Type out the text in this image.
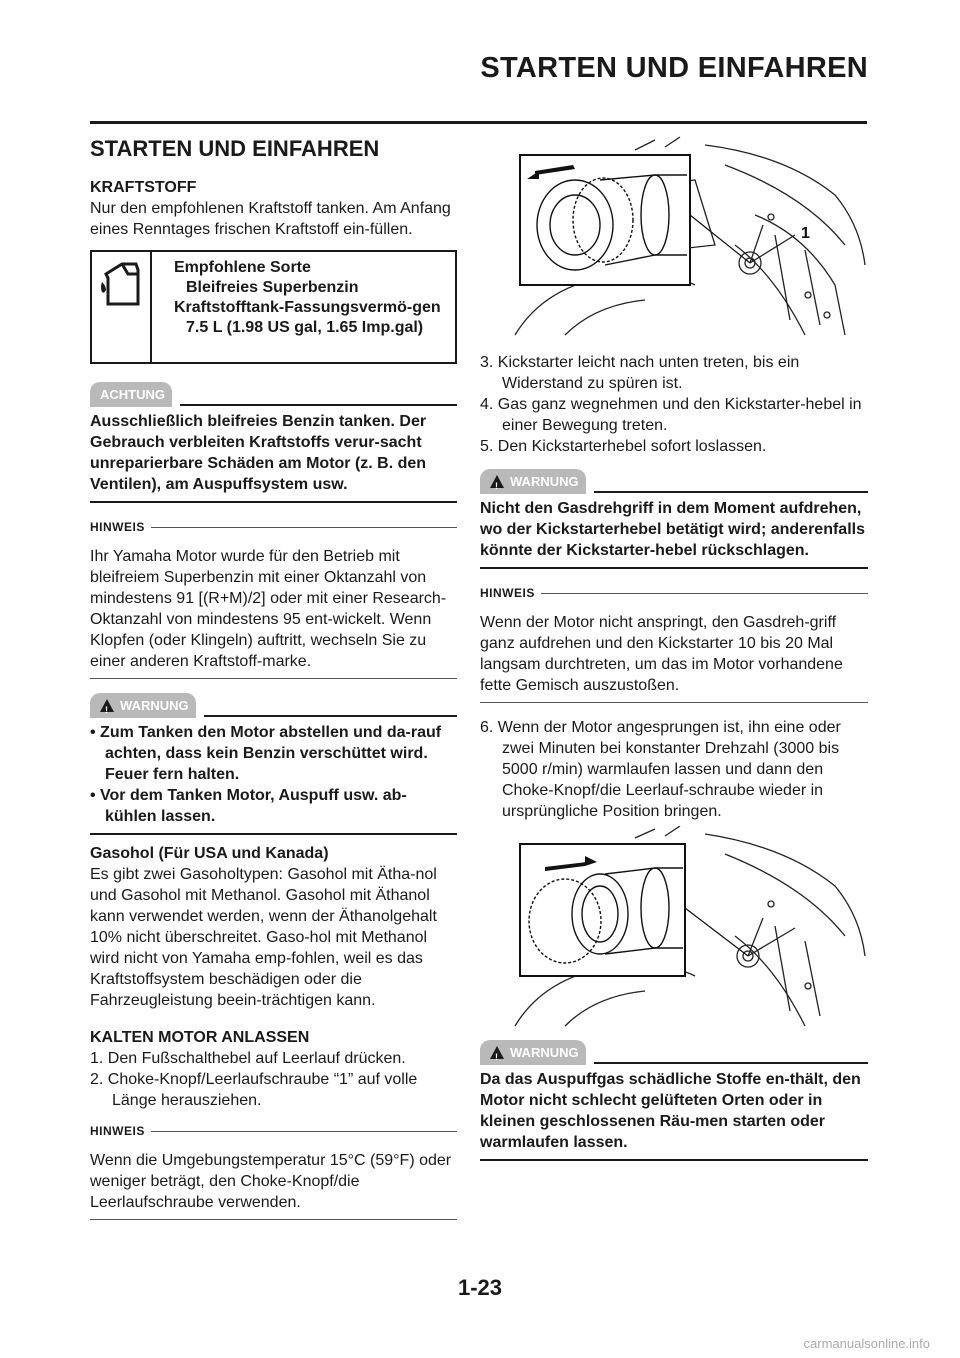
STARTEN UND EINFAHREN
STARTEN UND EINFAHREN
KRAFTSTOFF

Nur den empfohlenen Kraftstoff tanken. Am Anfang eines Renntages frischen Kraftstoff ein-füllen.

Empfohlene Sorte

Bleifreies Superbenzin
Kraftstofftank-Fassungsvermö-gen

7.5 L (1.98 US gal, 1.65 Imp.gal)
ACHTUNG

Ausschließlich bleifreies Benzin tanken. Der Gebrauch verbleiten Kraftstoffs verur-sacht unreparierbare Schäden am Motor (z. B. den Ventilen), am Auspuffsystem usw.

HINWEIS

Ihr Yamaha Motor wurde für den Betrieb mit bleifreiem Superbenzin mit einer Oktanzahl von mindestens 91 [(R+M)/2] oder mit einer Research-Oktanzahl von mindestens 95 ent-wickelt. Wenn Klopfen (oder Klingeln) auftritt, wechseln Sie zu einer anderen Kraftstoff-marke.

!
WARNUNG

• Zum Tanken den Motor abstellen und da-rauf achten, dass kein Benzin verschüttet wird. Feuer fern halten.

• Vor dem Tanken Motor, Auspuff usw. ab-kühlen lassen.

Gasohol (Für USA und Kanada)

Es gibt zwei Gasoholtypen: Gasohol mit Ätha-nol und Gasohol mit Methanol. Gasohol mit Äthanol kann verwendet werden, wenn der Äthanolgehalt 10% nicht überschreitet. Gaso-hol mit Methanol wird nicht von Yamaha emp-fohlen, weil es das Kraftstoffsystem beschädigen oder die Fahrzeugleistung beein-trächtigen kann.

KALTEN MOTOR ANLASSEN

1. Den Fußschalthebel auf Leerlauf drücken.

2. Choke-Knopf/Leerlaufschraube “1” auf volle Länge herausziehen.

HINWEIS

Wenn die Umgebungstemperatur 15°C (59°F) oder weniger beträgt, den Choke-Knopf/die Leerlaufschraube verwenden.

1

3. Kickstarter leicht nach unten treten, bis ein Widerstand zu spüren ist.

4. Gas ganz wegnehmen und den Kickstarter-hebel in einer Bewegung treten.

5. Den Kickstarterhebel sofort loslassen.

!
WARNUNG

Nicht den Gasdrehgriff in dem Moment aufdrehen, wo der Kickstarterhebel betätigt wird; anderenfalls könnte der Kickstarter-hebel rückschlagen.

HINWEIS

Wenn der Motor nicht anspringt, den Gasdreh-griff ganz aufdrehen und den Kickstarter 10 bis 20 Mal langsam durchtreten, um das im Motor vorhandene fette Gemisch auszustoßen.

6. Wenn der Motor angesprungen ist, ihn eine oder zwei Minuten bei konstanter Drehzahl (3000 bis 5000 r/min) warmlaufen lassen und dann den Choke-Knopf/die Leerlauf-schraube wieder in ursprüngliche Position bringen.

!
WARNUNG

Da das Auspuffgas schädliche Stoffe en-thält, den Motor nicht schlecht gelüfteten Orten oder in kleinen geschlossenen Räu-men starten oder warmlaufen lassen.

1-23
carmanualsonline.info
